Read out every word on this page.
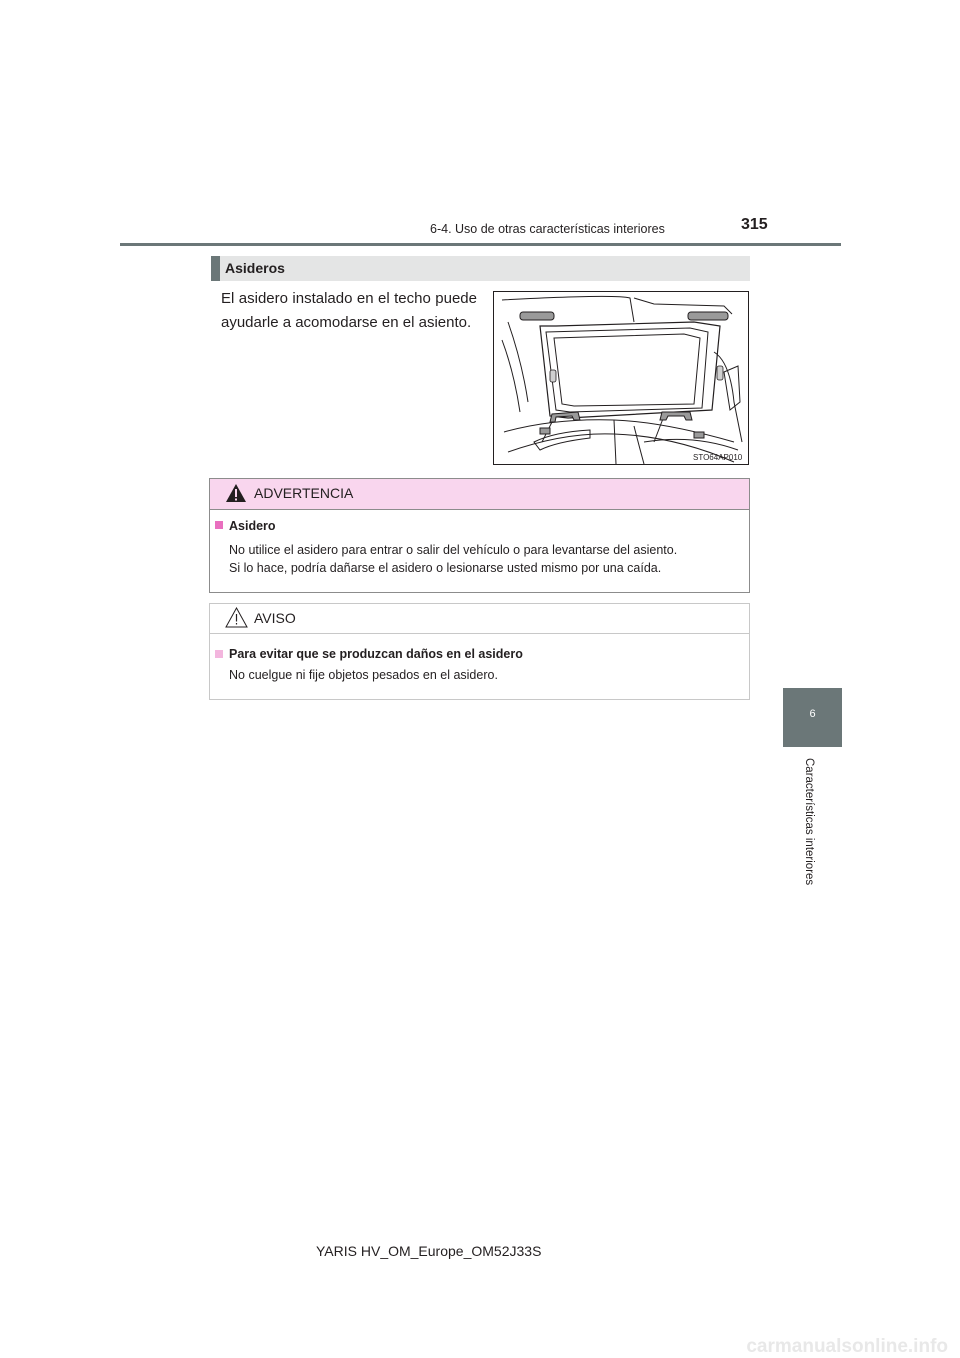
6-4. Uso de otras características interiores	315
6
Características interiores
Asideros
El asidero instalado en el techo puede ayudarle a acomodarse en el asiento.
STO64AP010
ADVERTENCIA
Asidero
No utilice el asidero para entrar o salir del vehículo o para levantarse del asiento.
Si lo hace, podría dañarse el asidero o lesionarse usted mismo por una caída.
AVISO
Para evitar que se produzcan daños en el asidero
No cuelgue ni fije objetos pesados en el asidero.
YARIS HV_OM_Europe_OM52J33S
carmanualsonline.info
